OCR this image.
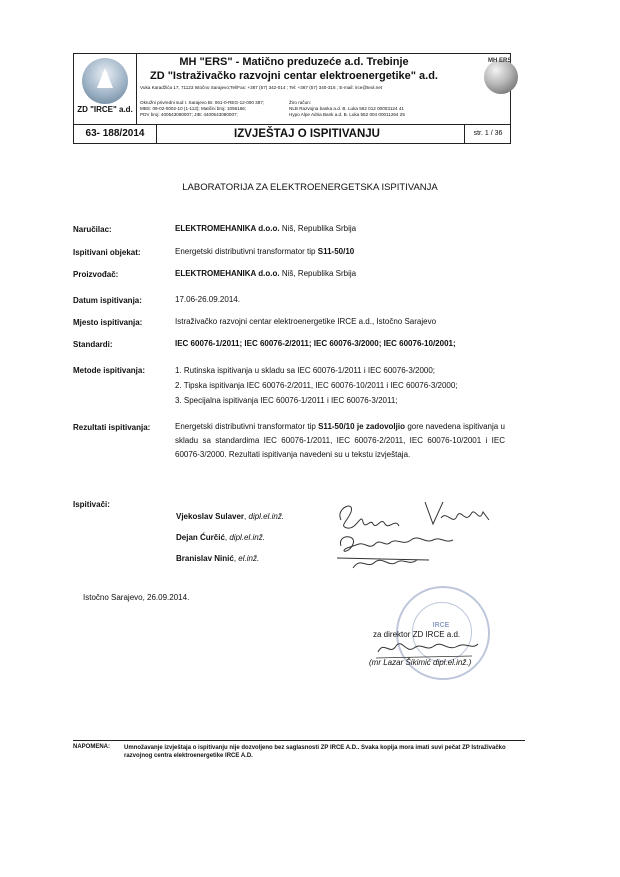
ZD "IRCE" a.d.
MH "ERS" - Matično preduzeće a.d. Trebinje
ZD "Istraživačko razvojni centar elektroenergetike" a.d.
Vuka Karadžića 17, 71123 Istočno Sarajevo;Tel/Fax: +387 (57) 342-014 ; Tel: +387 (57) 340-316 ; E-mail: irce@teol.net
Okružni privredni sud I. Sarajevo Br. 061-0-REG-12-000 387;
MBS: 09-02-0002-10 (1-113); Matični broj: 1056166;
PDV broj: 400543080007; JIB: 4400543080007;
Žiro račun:
NLB Razvojna banka a.d. B. Luka 562 012 00003124 41
Hypo Alpe Adria Bank a.d. B. Luka 552 004 00011264 25
MH ERS
63- 188/2014	IZVJEŠTAJ O ISPITIVANJU	str. 1 / 36
LABORATORIJA ZA ELEKTROENERGETSKA ISPITIVANJA
Naručilac:	ELEKTROMEHANIKA d.o.o. Niš, Republika Srbija
Ispitivani objekat:	Energetski distributivni transformator tip S11-50/10
Proizvođač:	ELEKTROMEHANIKA d.o.o. Niš, Republika Srbija
Datum ispitivanja:	17.06-26.09.2014.
Mjesto ispitivanja:	Istraživačko razvojni centar elektroenergetike IRCE a.d., Istočno Sarajevo
Standardi:	IEC 60076-1/2011; IEC 60076-2/2011; IEC 60076-3/2000; IEC 60076-10/2001;
Metode ispitivanja:	1. Rutinska ispitivanja u skladu sa IEC 60076-1/2011 i IEC 60076-3/2000;
2. Tipska ispitivanja IEC 60076-2/2011, IEC 60076-10/2011 i IEC 60076-3/2000;
3. Specijalna ispitivanja IEC 60076-1/2011 i IEC 60076-3/2011;
Rezultati ispitivanja:	Energetski distributivni transformator tip S11-50/10 je zadovoljio gore navedena ispitivanja u skladu sa standardima IEC 60076-1/2011, IEC 60076-2/2011, IEC 60076-10/2001 i IEC 60076-3/2000. Rezultati ispitivanja navedeni su u tekstu izvještaja.
Ispitivači:
Vjekoslav Sulaver, dipl.el.inž.
Dejan Ćurčić, dipl.el.inž.
Branislav Ninić, el.inž.
Istočno Sarajevo, 26.09.2014.
IRCE
za direktor ZD IRCE a.d.
(mr Lazar Šikimić dipl.el.inž.)
NAPOMENA: Umnožavanje izvještaja o ispitivanju nije dozvoljeno bez saglasnosti ZP IRCE A.D.. Svaka kopija mora imati suvi pečat ZP Istraživačko razvojnog centra elektroenergetike IRCE A.D.
